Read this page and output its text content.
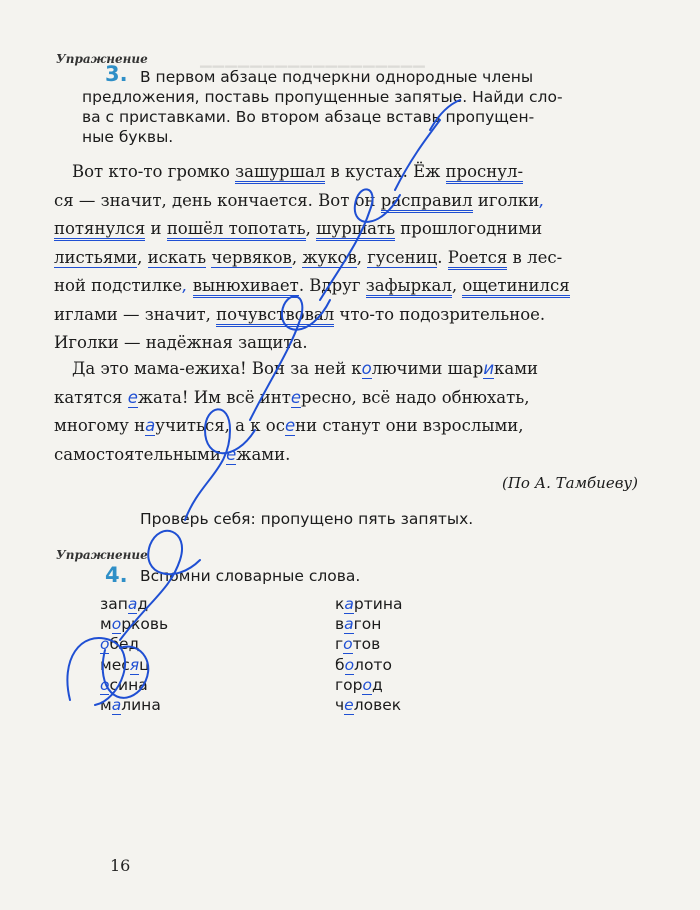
▁▁▁▁▁▁▁▁▁▁▁▁▁▁▁▁▁▁
Упражнение
3. В первом абзаце подчеркни однородные члены
предложения, поставь пропущенные запятые. Найди сло-
ва с приставками. Во втором абзаце вставь пропущен-
ные буквы.
Вот кто-то громко зашуршал в кустах. Ёж проснул-
ся — значит, день кончается. Вот он расправил иголки,
потянулся и пошёл топотать, шуршать прошлогодними
листьями, искать червяков, жуков, гусениц. Роется в лес-
ной подстилке, вынюхивает. Вдруг зафыркал, ощетинился
иглами — значит, почувствовал что-то подозрительное.
Иголки — надёжная защита.
Да это мама-ежиха! Вон за ней колючими шариками
катятся ежата! Им всё интересно, всё надо обнюхать,
многому научиться, а к осени станут они взрослыми,
самостоятельными ежами.
(По А. Тамбиеву)
Проверь себя: пропущено пять запятых.
Упражнение
4. Вспомни словарные слова.
запад
морковь
обед
месяц
осина
малина
картина
вагон
готов
болото
город
человек
16
